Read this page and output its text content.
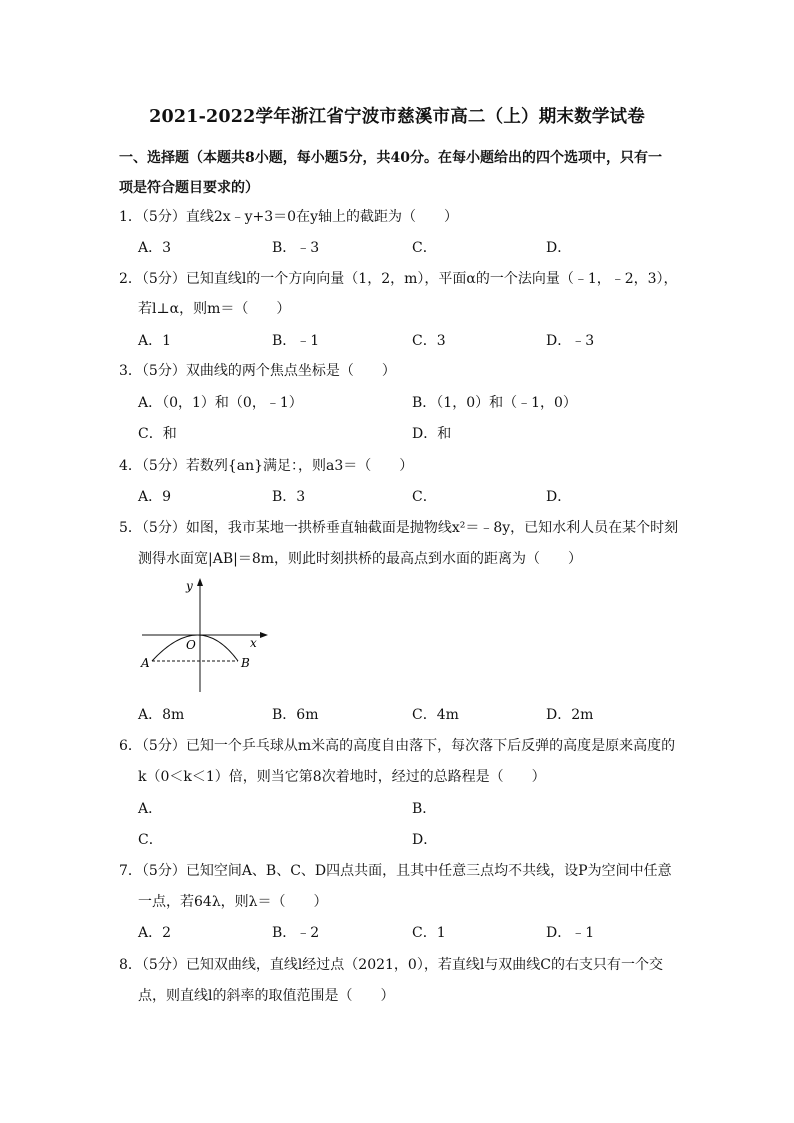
2021-2022学年浙江省宁波市慈溪市高二（上）期末数学试卷
一、选择题（本题共8小题，每小题5分，共40分。在每小题给出的四个选项中，只有一
项是符合题目要求的）
1．（5分）直线2x﹣y+3＝0在y轴上的截距为（　　）
A．3	B．﹣3	C．	D．
2．（5分）已知直线l的一个方向向量（1，2，m），平面α的一个法向量（﹣1，﹣2，3），
若l⊥α，则m＝（　　）
A．1	B．﹣1	C．3	D．﹣3
3．（5分）双曲线的两个焦点坐标是（　　）
A．（0，1）和（0，﹣1）	B．（1，0）和（﹣1，0）
C．和	D．和
4．（5分）若数列{an}满足：，则a3＝（　　）
A．9	B．3	C．	D．
5．（5分）如图，我市某地一拱桥垂直轴截面是抛物线x²＝﹣8y，已知水利人员在某个时刻
测得水面宽|AB|＝8m，则此时刻拱桥的最高点到水面的距离为（　　）
y
x
O
A	B
A．8m	B．6m	C．4m	D．2m
6．（5分）已知一个乒乓球从m米高的高度自由落下，每次落下后反弹的高度是原来高度的
k（0＜k＜1）倍，则当它第8次着地时，经过的总路程是（　　）
A．	B．
C．	D．
7．（5分）已知空间A、B、C、D四点共面，且其中任意三点均不共线，设P为空间中任意
一点，若64λ，则λ＝（　　）
A．2	B．﹣2	C．1	D．﹣1
8．（5分）已知双曲线，直线l经过点（2021，0），若直线l与双曲线C的右支只有一个交
点，则直线l的斜率的取值范围是（　　）
